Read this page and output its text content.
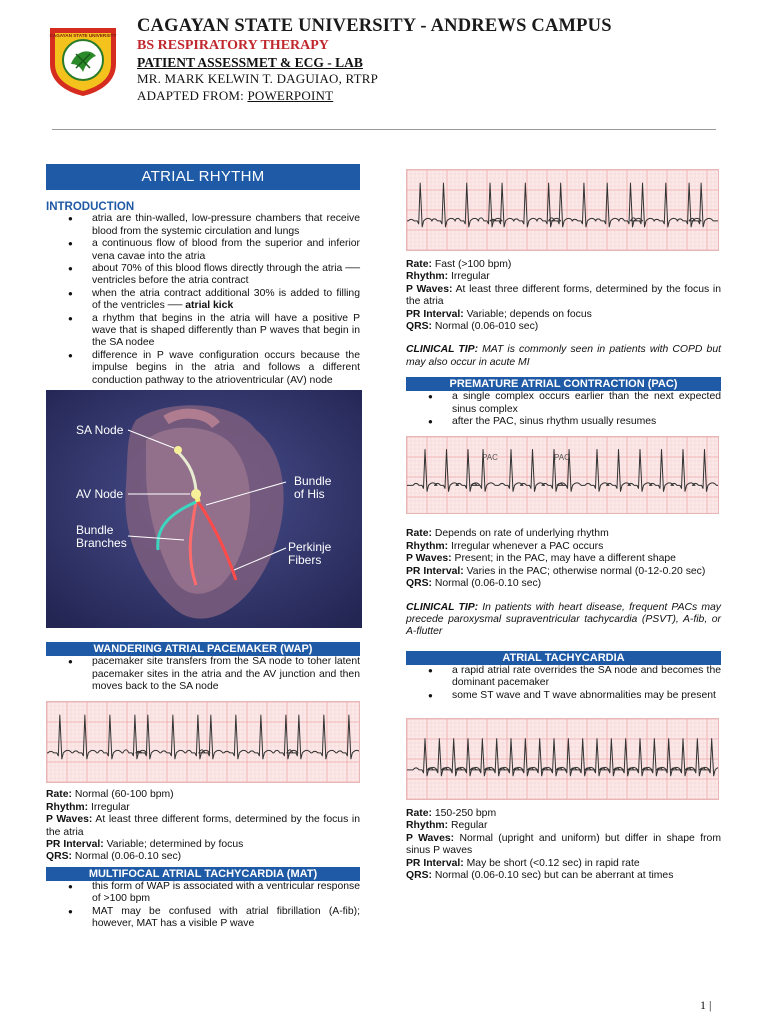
CAGAYAN STATE UNIVERSITY CAGAYAN STATE UNIVERSITY - ANDREWS CAMPUS
BS RESPIRATORY THERAPY
PATIENT ASSESSMET & ECG - LAB
MR. MARK KELWIN T. DAGUIAO, RTRP
ADAPTED FROM: POWERPOINT
ATRIAL RHYTHM
INTRODUCTION
● atria are thin-walled, low-pressure chambers that receive blood from the systemic circulation and lungs
● a continuous flow of blood from the superior and inferior vena cavae into the atria
● about 70% of this blood flows directly through the atria ── ventricles before the atria contract
● when the atria contract additional 30% is added to filling of the ventricles ── atrial kick
● a rhythm that begins in the atria will have a positive P wave that is shaped differently than P waves that begin in the SA nodee
● difference in P wave configuration occurs because the impulse begins in the atria and follows a different conduction pathway to the atrioventricular (AV) node
SA Node
AV Node
Bundle
Branches
Bundle
of His
Perkinje
Fibers
WANDERING ATRIAL PACEMAKER (WAP)
● pacemaker site transfers from the SA node to toher latent pacemaker sites in the atria and the AV junction and then moves back to the SA node
Rate: Normal (60-100 bpm)
Rhythm: Irregular
P Waves: At least three different forms, determined by the focus in the atria
PR Interval: Variable; determined by focus
QRS: Normal (0.06-0.10 sec)
MULTIFOCAL ATRIAL TACHYCARDIA (MAT)
● this form of WAP is associated with a ventricular response of >100 bpm
● MAT may be confused with atrial fibrillation (A-fib); however, MAT has a visible P wave
Rate: Fast (>100 bpm)
Rhythm: Irregular
P Waves: At least three different forms, determined by the focus in the atria
PR Interval: Variable; depends on focus
QRS: Normal (0.06-010 sec)
CLINICAL TIP: MAT is commonly seen in patients with COPD but may also occur in acute MI
PREMATURE ATRIAL CONTRACTION (PAC)
● a single complex occurs earlier than the next expected sinus complex
● after the PAC, sinus rhythm usually resumes
PAC	PAC
Rate: Depends on rate of underlying rhythm
Rhythm: Irregular whenever a PAC occurs
P Waves: Present; in the PAC, may have a different shape
PR Interval: Varies in the PAC; otherwise normal (0-12-0.20 sec)
QRS: Normal (0.06-0.10 sec)
CLINICAL TIP: In patients with heart disease, frequent PACs may precede paroxysmal supraventricular tachycardia (PSVT), A-fib, or A-flutter
ATRIAL TACHYCARDIA
● a rapid atrial rate overrides the SA node and becomes the dominant pacemaker
● some ST wave and T wave abnormalities may be present
Rate: 150-250 bpm
Rhythm: Regular
P Waves: Normal (upright and uniform) but differ in shape from sinus P waves
PR Interval: May be short (<0.12 sec) in rapid rate
QRS: Normal (0.06-0.10 sec) but can be aberrant at times
1 |
